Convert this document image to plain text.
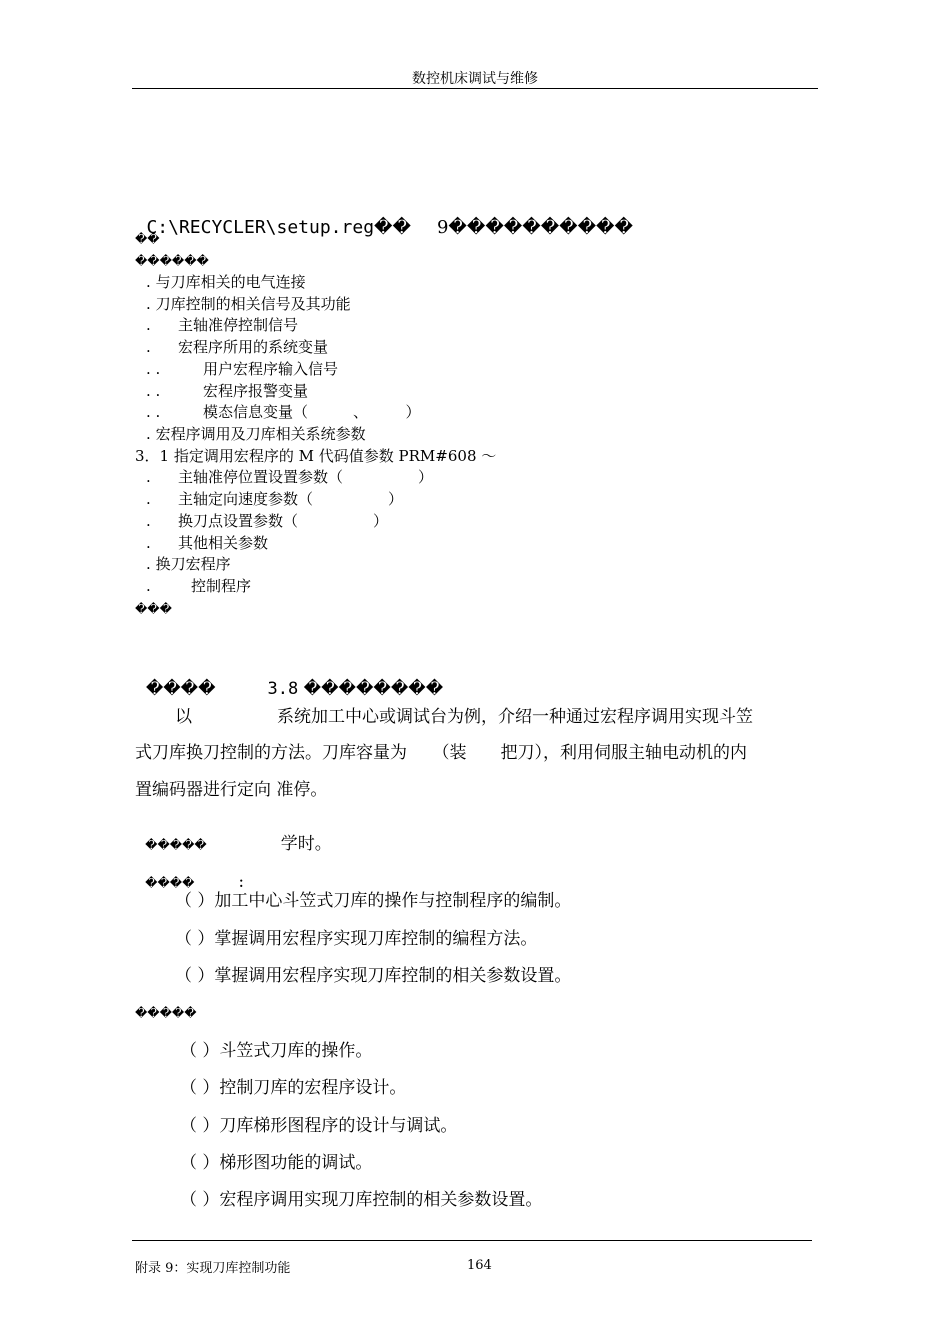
数控机床调试与维修

C:\RECYCLER\setup.reg�� 9����������

��
������
. 与刀库相关的电气连接
. 刀库控制的相关信号及其功能
. 主轴准停控制信号
. 宏程序所用的系统变量
. .	用户宏程序输入信号
. .	宏程序报警变量
. .	模态信息变量（　　　、　　　）
. 宏程序调用及刀库相关系统参数
3．1 指定调用宏程序的 M 代码值参数 PRM#608 ～
. 主轴准停位置设置参数（　　　　　）
. 主轴定向速度参数（　　　　　）
. 换刀点设置参数（　　　　　）
. 其他相关参数
. 换刀宏程序
.	控制程序
���

����	3.8 ��������

以　　　　　系统加工中心或调试台为例，介绍一种通过宏程序调用实现斗笠
式刀库换刀控制的方法。刀库容量为　　（装　　把刀），利用伺服主轴电动机的内
置编码器进行定向 准停。

�����	学时。

����	:

（ ）加工中心斗笠式刀库的操作与控制程序的编制。
（ ）掌握调用宏程序实现刀库控制的编程方法。
（ ）掌握调用宏程序实现刀库控制的相关参数设置。
�����
（ ）斗笠式刀库的操作。
（ ）控制刀库的宏程序设计。
（ ）刀库梯形图程序的设计与调试。
（ ）梯形图功能的调试。
（ ）宏程序调用实现刀库控制的相关参数设置。
附录 9：实现刀库控制功能	164
